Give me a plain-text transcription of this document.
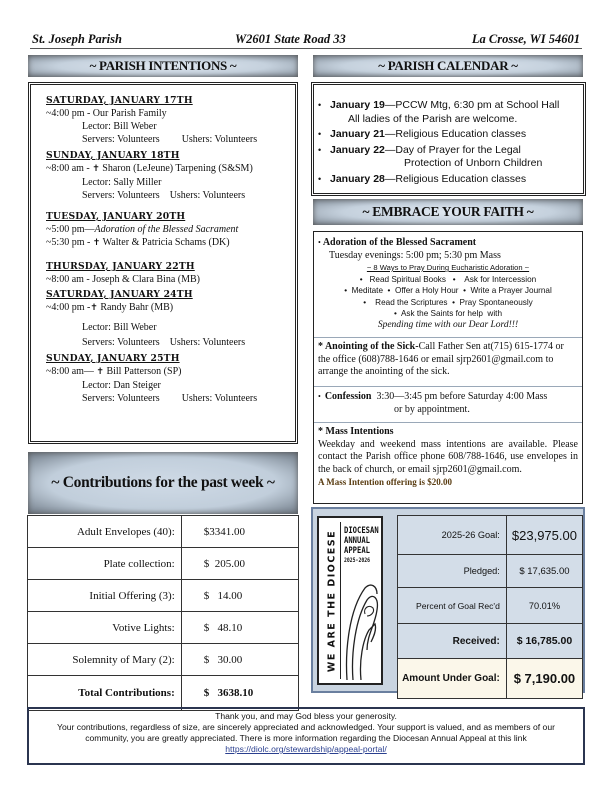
St. Joseph Parish	W2601 State Road 33	La Crosse, WI 54601
~ PARISH INTENTIONS ~
SATURDAY, JANUARY 17TH
~4:00 pm - Our Parish Family
Lector: Bill Weber
Servers: Volunteers Ushers: Volunteers
SUNDAY, JANUARY 18TH
~8:00 am - ✝ Sharon (LeJeune) Tarpening (S&SM)
Lector: Sally Miller
Servers: Volunteers Ushers: Volunteers
TUESDAY, JANUARY 20TH
~5:00 pm—Adoration of the Blessed Sacrament
~5:30 pm - ✝ Walter & Patricia Schams (DK)
THURSDAY, JANUARY 22TH
~8:00 am - Joseph & Clara Bina (MB)
SATURDAY, JANUARY 24TH
~4:00 pm -✝ Randy Bahr (MB)
Lector: Bill Weber
Servers: Volunteers Ushers: Volunteers
SUNDAY, JANUARY 25TH
~8:00 am— ✝ Bill Patterson (SP)
Lector: Dan Steiger
Servers: Volunteers Ushers: Volunteers
~ PARISH CALENDAR ~
• January 19—PCCW Mtg, 6:30 pm at School Hall
All ladies of the Parish are welcome.
• January 21—Religious Education classes
• January 22—Day of Prayer for the Legal
Protection of Unborn Children
• January 28—Religious Education classes
~ EMBRACE YOUR FAITH ~
• Adoration of the Blessed Sacrament
Tuesday evenings: 5:00 pm; 5:30 pm Mass
~ 8 Ways to Pray During Eucharistic Adoration ~
•   Read Spiritual Books   •    Ask for Intercession
•  Meditate  •  Offer a Holy Hour  •  Write a Prayer Journal
•    Read the Scriptures  •  Pray Spontaneously
•  Ask the Saints for help  with
Spending time with our Dear Lord!!!
* Anointing of the Sick-Call Father Sen at(715) 615-1774 or the office (608)788-1646 or email sjrp2601@gmail.com to arrange the anointing of the sick.
•  Confession 3:30—3:45 pm before Saturday 4:00 Mass
or by appointment.
* Mass Intentions
Weekday and weekend mass intentions are available. Please contact the Parish office phone 608/788-1646, use envelopes in the back of church, or email sjrp2601@gmail.com.
A Mass Intention offering is $20.00
~ Contributions for the past week ~
Adult Envelopes (40):	$3341.00
Plate collection:	$  205.00
Initial Offering (3):	$   14.00
Votive Lights:	$   48.10
Solemnity of Mary (2):	$   30.00
Total Contributions:	$   3638.10
WE ARE THE DIOCESE DIOCESAN
ANNUAL
APPEAL
2025-2026
2025-26 Goal:	$23,975.00
Pledged:	$ 17,635.00
Percent of Goal Rec'd	70.01%
Received:	$ 16,785.00
Amount Under Goal:	$ 7,190.00
Thank you, and may God bless your generosity.
Your contributions, regardless of size, are sincerely appreciated and acknowledged. Your support is valued, and as members of our community, you are greatly appreciated. There is more information regarding the Diocesan Annual Appeal at this link
https://diolc.org/stewardship/appeal-portal/
